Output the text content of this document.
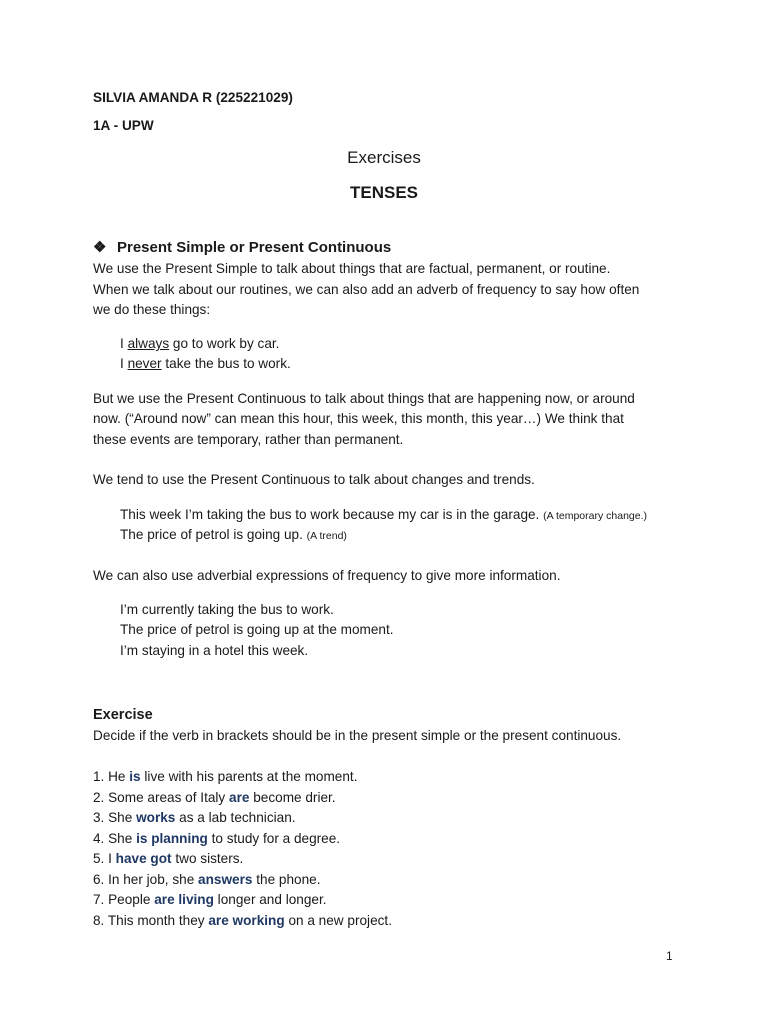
SILVIA AMANDA R (225221029)
1A - UPW
Exercises
TENSES
❖ Present Simple or Present Continuous
We use the Present Simple to talk about things that are factual, permanent, or routine.
When we talk about our routines, we can also add an adverb of frequency to say how often
we do these things:
I always go to work by car.
I never take the bus to work.
But we use the Present Continuous to talk about things that are happening now, or around
now. (“Around now” can mean this hour, this week, this month, this year…) We think that
these events are temporary, rather than permanent.
We tend to use the Present Continuous to talk about changes and trends.
This week I’m taking the bus to work because my car is in the garage. (A temporary change.)
The price of petrol is going up. (A trend)
We can also use adverbial expressions of frequency to give more information.
I’m currently taking the bus to work.
The price of petrol is going up at the moment.
I’m staying in a hotel this week.
Exercise
Decide if the verb in brackets should be in the present simple or the present continuous.
1. He is live with his parents at the moment.
2. Some areas of Italy are become drier.
3. She works as a lab technician.
4. She is planning to study for a degree.
5. I have got two sisters.
6. In her job, she answers the phone.
7. People are living longer and longer.
8. This month they are working on a new project.
1
